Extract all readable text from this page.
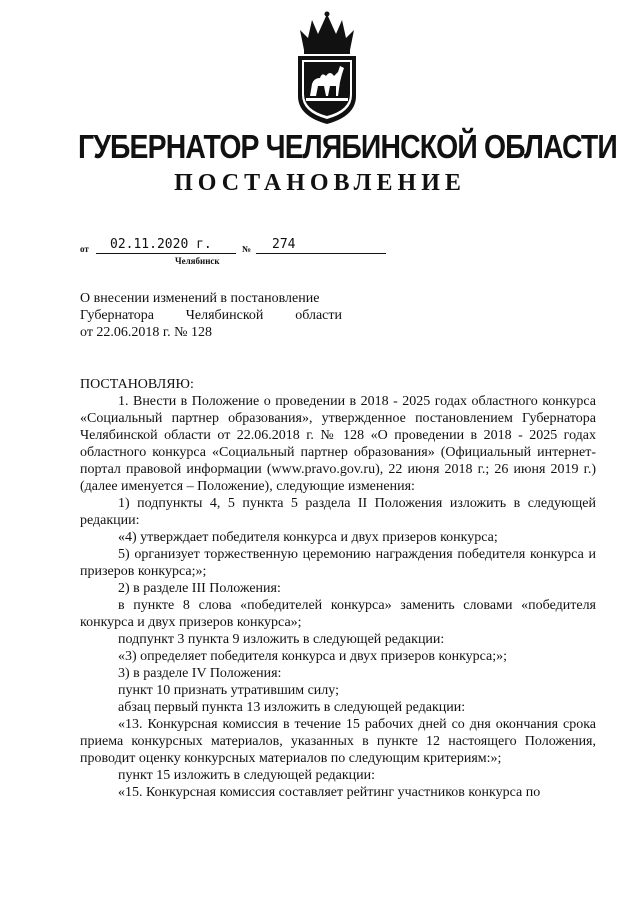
ГУБЕРНАТОР ЧЕЛЯБИНСКОЙ ОБЛАСТИ
ПОСТАНОВЛЕНИЕ
от	02.11.2020 г.	№	274
Челябинск
О внесении изменений в постановление
Губернатора Челябинской области
от 22.06.2018 г. № 128

ПОСТАНОВЛЯЮ:

1. Внести в Положение о проведении в 2018 - 2025 годах областного конкурса «Социальный партнер образования», утвержденное постановлением Губернатора Челябинской области от 22.06.2018 г. № 128 «О проведении в 2018 - 2025 годах областного конкурса «Социальный партнер образования» (Официальный интернет-портал правовой информации (www.pravo.gov.ru), 22 июня 2018 г.; 26 июня 2019 г.) (далее именуется – Положение), следующие изменения:

1) подпункты 4, 5 пункта 5 раздела II Положения изложить в следующей редакции:

«4) утверждает победителя конкурса и двух призеров конкурса;

5) организует торжественную церемонию награждения победителя конкурса и призеров конкурса;»;

2) в разделе III Положения:

в пункте 8 слова «победителей конкурса» заменить словами «победителя конкурса и двух призеров конкурса»;

подпункт 3 пункта 9 изложить в следующей редакции:

«3) определяет победителя конкурса и двух призеров конкурса;»;

3) в разделе IV Положения:

пункт 10 признать утратившим силу;

абзац первый пункта 13 изложить в следующей редакции:

«13. Конкурсная комиссия в течение 15 рабочих дней со дня окончания срока приема конкурсных материалов, указанных в пункте 12 настоящего Положения, проводит оценку конкурсных материалов по следующим критериям:»;

пункт 15 изложить в следующей редакции:

«15. Конкурсная комиссия составляет рейтинг участников конкурса по
